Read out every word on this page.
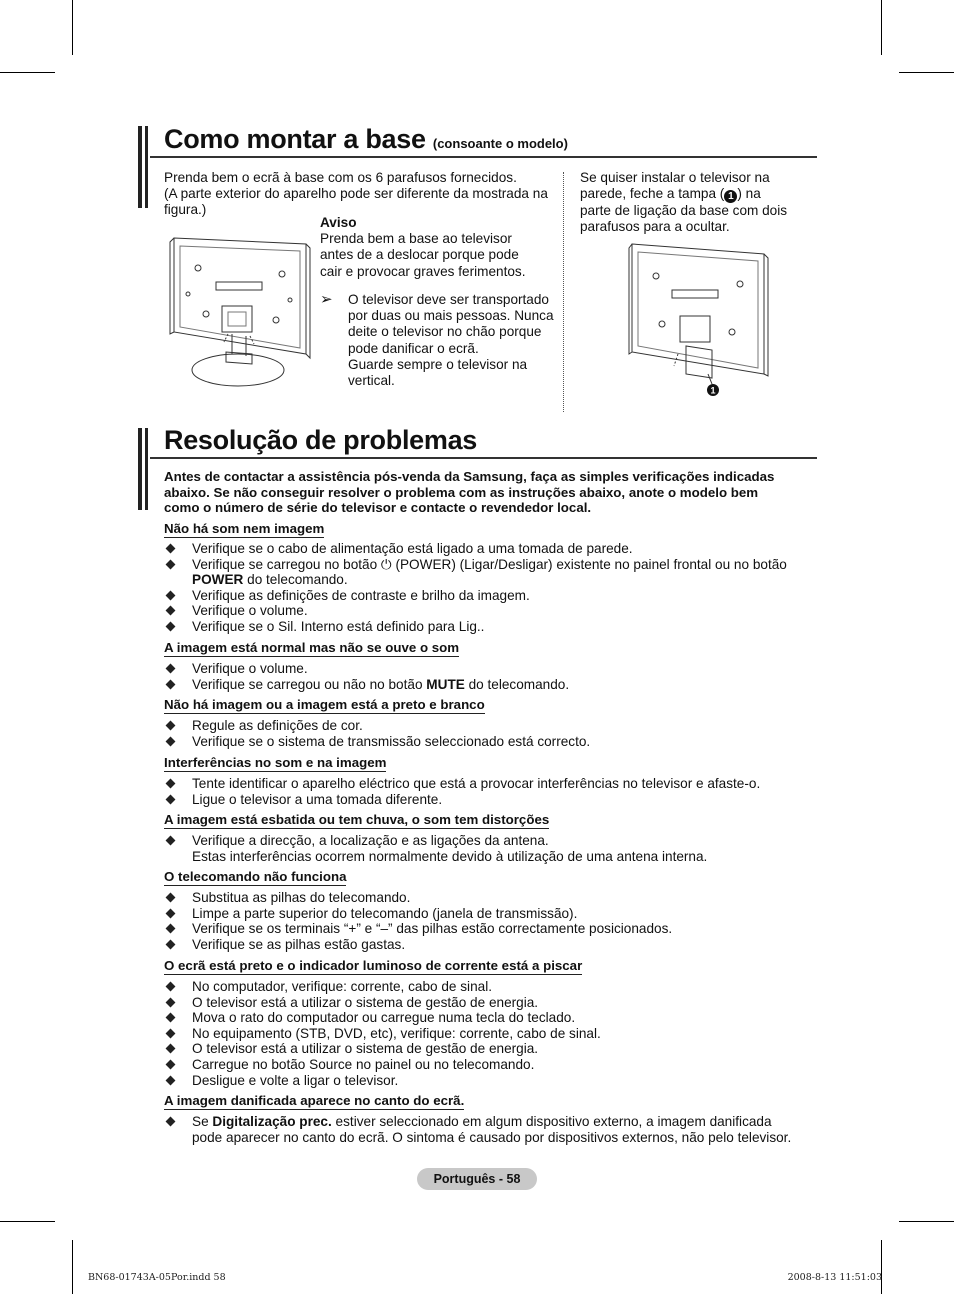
Como montar a base (consoante o modelo)
Prenda bem o ecrã à base com os 6 parafusos fornecidos.
(A parte exterior do aparelho pode ser diferente da mostrada na
figura.)
Aviso
Prenda bem a base ao televisor
antes de a deslocar porque pode
cair e provocar graves ferimentos.
➢ O televisor deve ser transportado
por duas ou mais pessoas. Nunca
deite o televisor no chão porque
pode danificar o ecrã.
Guarde sempre o televisor na
vertical.
Se quiser instalar o televisor na
parede, feche a tampa ( 1 ) na
parte de ligação da base com dois
parafusos para a ocultar.
1
Resolução de problemas
Antes de contactar a assistência pós-venda da Samsung, faça as simples verificações indicadas
abaixo. Se não conseguir resolver o problema com as instruções abaixo, anote o modelo bem
como o número de série do televisor e contacte o revendedor local.
Não há som nem imagem
Verifique se o cabo de alimentação está ligado a uma tomada de parede.
Verifique se carregou no botão ⏻ (POWER) (Ligar/Desligar) existente no painel frontal ou no botão
POWER do telecomando.
Verifique as definições de contraste e brilho da imagem.
Verifique o volume.
Verifique se o Sil. Interno está definido para Lig..
A imagem está normal mas não se ouve o som
Verifique o volume.
Verifique se carregou ou não no botão MUTE do telecomando.
Não há imagem ou a imagem está a preto e branco
Regule as definições de cor.
Verifique se o sistema de transmissão seleccionado está correcto.
Interferências no som e na imagem
Tente identificar o aparelho eléctrico que está a provocar interferências no televisor e afaste-o.
Ligue o televisor a uma tomada diferente.
A imagem está esbatida ou tem chuva, o som tem distorções
Verifique a direcção, a localização e as ligações da antena.
Estas interferências ocorrem normalmente devido à utilização de uma antena interna.
O telecomando não funciona
Substitua as pilhas do telecomando.
Limpe a parte superior do telecomando (janela de transmissão).
Verifique se os terminais “+” e “–” das pilhas estão correctamente posicionados.
Verifique se as pilhas estão gastas.
O ecrã está preto e o indicador luminoso de corrente está a piscar
No computador, verifique: corrente, cabo de sinal.
O televisor está a utilizar o sistema de gestão de energia.
Mova o rato do computador ou carregue numa tecla do teclado.
No equipamento (STB, DVD, etc), verifique: corrente, cabo de sinal.
O televisor está a utilizar o sistema de gestão de energia.
Carregue no botão Source no painel ou no telecomando.
Desligue e volte a ligar o televisor.
A imagem danificada aparece no canto do ecrã.
Se Digitalização prec. estiver seleccionado em algum dispositivo externo, a imagem danificada
pode aparecer no canto do ecrã. O sintoma é causado por dispositivos externos, não pelo televisor.
Português - 58
BN68-01743A-05Por.indd 58	2008-8-13 11:51:03
